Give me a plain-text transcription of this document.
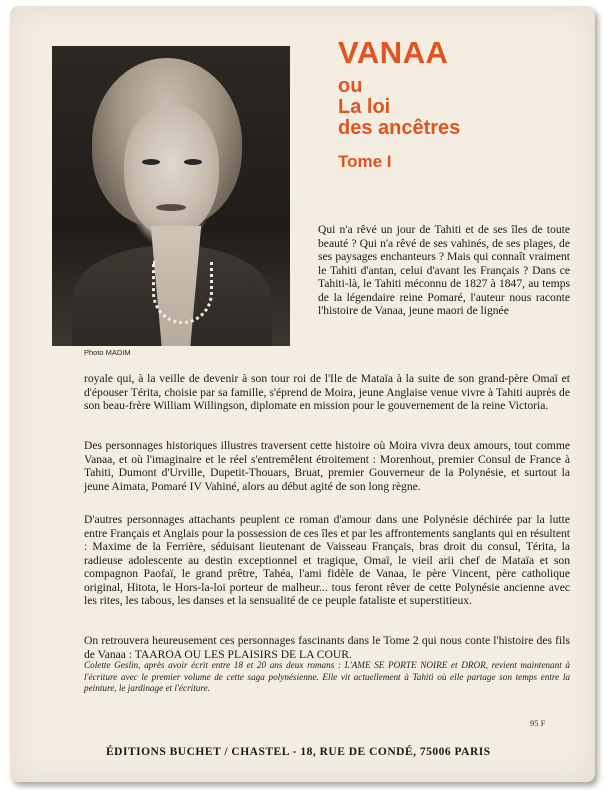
Photo MADIM
VANAA
ou
La loi
des ancêtres
Tome I

Qui n'a rêvé un jour de Tahiti et de ses îles de toute beauté ? Qui n'a rêvé de ses vahinés, de ses plages, de ses paysages enchanteurs ? Mais qui connaît vraiment le Tahiti d'antan, celui d'avant les Français ? Dans ce Tahiti-là, le Tahiti méconnu de 1827 à 1847, au temps de la légendaire reine Pomaré, l'auteur nous raconte l'histoire de Vanaa, jeune maori de lignée

royale qui, à la veille de devenir à son tour roi de l'Ile de Mataïa à la suite de son grand-père Omaï et d'épouser Térita, choisie par sa famille, s'éprend de Moira, jeune Anglaise venue vivre à Tahiti auprès de son beau-frère William Willingson, diplomate en mission pour le gouvernement de la reine Victoria.

Des personnages historiques illustres traversent cette histoire où Moira vivra deux amours, tout comme Vanaa, et où l'imaginaire et le réel s'entremêlent étroitement : Morenhout, premier Consul de France à Tahiti, Dumont d'Urville, Dupetit-Thouars, Bruat, premier Gouverneur de la Polynésie, et surtout la jeune Aimata, Pomaré IV Vahiné, alors au début agité de son long règne.

D'autres personnages attachants peuplent ce roman d'amour dans une Polynésie déchirée par la lutte entre Français et Anglais pour la possession de ces îles et par les affrontements sanglants qui en résultent : Maxime de la Ferrière, séduisant lieutenant de Vaisseau Français, bras droit du consul, Térita, la radieuse adolescente au destin exceptionnel et tragique, Omaï, le vieil arii chef de Mataïa et son compagnon Paofaï, le grand prêtre, Tahéa, l'ami fidèle de Vanaa, le père Vincent, père catholique original, Hitota, le Hors-la-loi porteur de malheur... tous feront rêver de cette Polynésie ancienne avec les rites, les tabous, les danses et la sensualité de ce peuple fataliste et superstitieux.

On retrouvera heureusement ces personnages fascinants dans le Tome 2 qui nous conte l'histoire des fils de Vanaa : TAAROA OU LES PLAISIRS DE LA COUR.

Colette Geslin, après avoir écrit entre 18 et 20 ans deux romans : L'AME SE PORTE NOIRE et DROR, revient maintenant à l'écriture avec le premier volume de cette saga polynésienne. Elle vit actuellement à Tahiti où elle partage son temps entre la peinture, le jardinage et l'écriture.

95 F
ÉDITIONS BUCHET / CHASTEL - 18, RUE DE CONDÉ, 75006 PARIS
